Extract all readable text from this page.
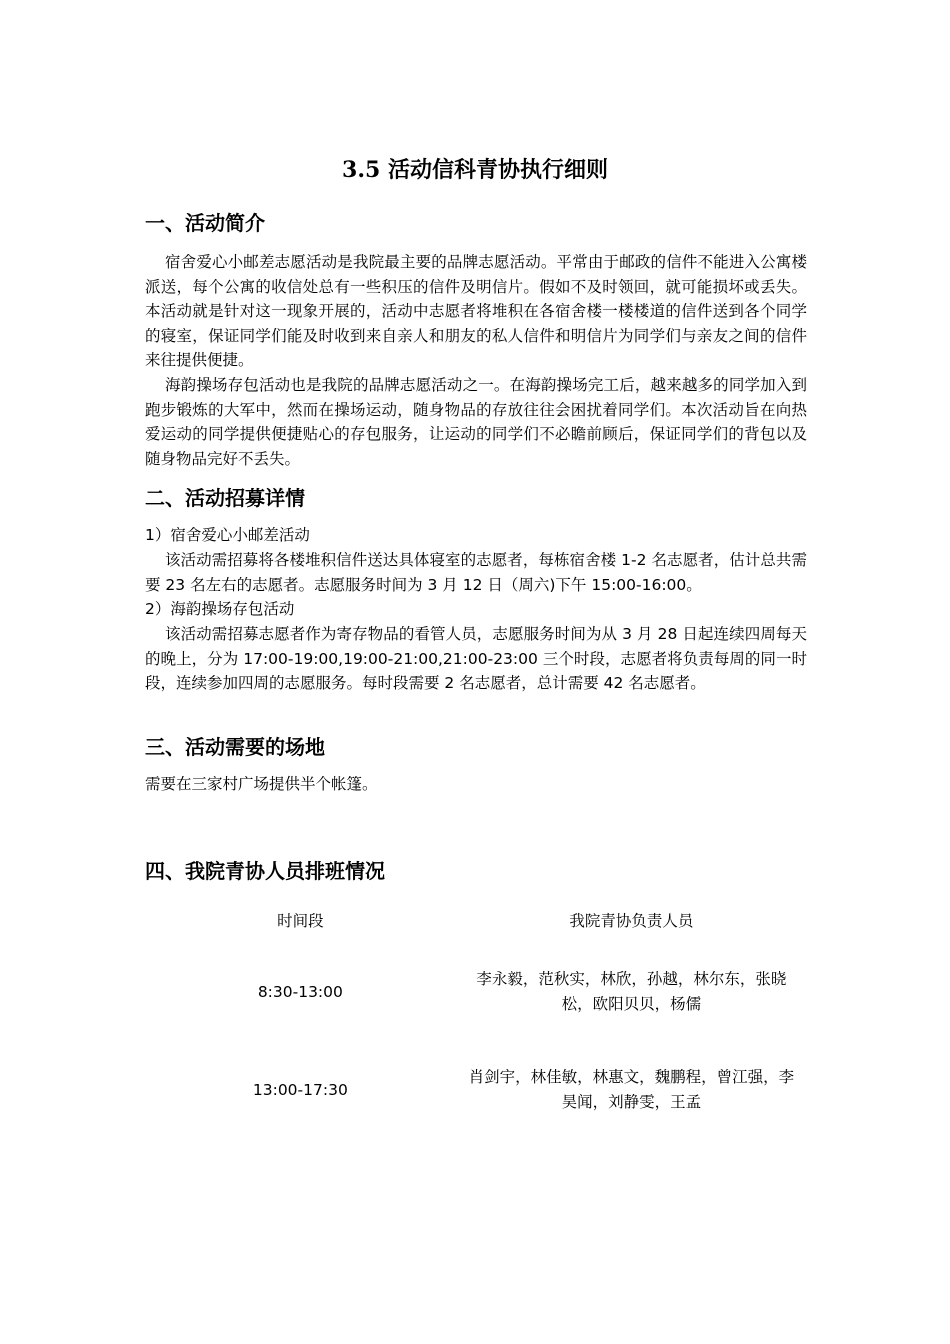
3.5 活动信科青协执行细则
一、活动简介

宿舍爱心小邮差志愿活动是我院最主要的品牌志愿活动。平常由于邮政的信件不能进入公寓楼派送，每个公寓的收信处总有一些积压的信件及明信片。假如不及时领回，就可能损坏或丢失。本活动就是针对这一现象开展的，活动中志愿者将堆积在各宿舍楼一楼楼道的信件送到各个同学的寝室，保证同学们能及时收到来自亲人和朋友的私人信件和明信片为同学们与亲友之间的信件来往提供便捷。

海韵操场存包活动也是我院的品牌志愿活动之一。在海韵操场完工后，越来越多的同学加入到跑步锻炼的大军中，然而在操场运动，随身物品的存放往往会困扰着同学们。本次活动旨在向热爱运动的同学提供便捷贴心的存包服务，让运动的同学们不必瞻前顾后，保证同学们的背包以及随身物品完好不丢失。

二、活动招募详情
1）宿舍爱心小邮差活动

该活动需招募将各楼堆积信件送达具体寝室的志愿者，每栋宿舍楼 1-2 名志愿者，估计总共需要 23 名左右的志愿者。志愿服务时间为 3 月 12 日（周六)下午 15:00-16:00。

2）海韵操场存包活动

该活动需招募志愿者作为寄存物品的看管人员，志愿服务时间为从 3 月 28 日起连续四周每天的晚上，分为 17:00-19:00,19:00-21:00,21:00-23:00 三个时段，志愿者将负责每周的同一时段，连续参加四周的志愿服务。每时段需要 2 名志愿者，总计需要 42 名志愿者。

三、活动需要的场地

需要在三家村广场提供半个帐篷。

四、我院青协人员排班情况
时间段	我院青协负责人员
8:30-13:00	李永毅，范秋实，林欣，孙越，林尔东，张晓松，欧阳贝贝，杨儒
13:00-17:30	肖剑宇，林佳敏，林惠文，魏鹏程，曾江强，李昊闻，刘静雯，王孟
